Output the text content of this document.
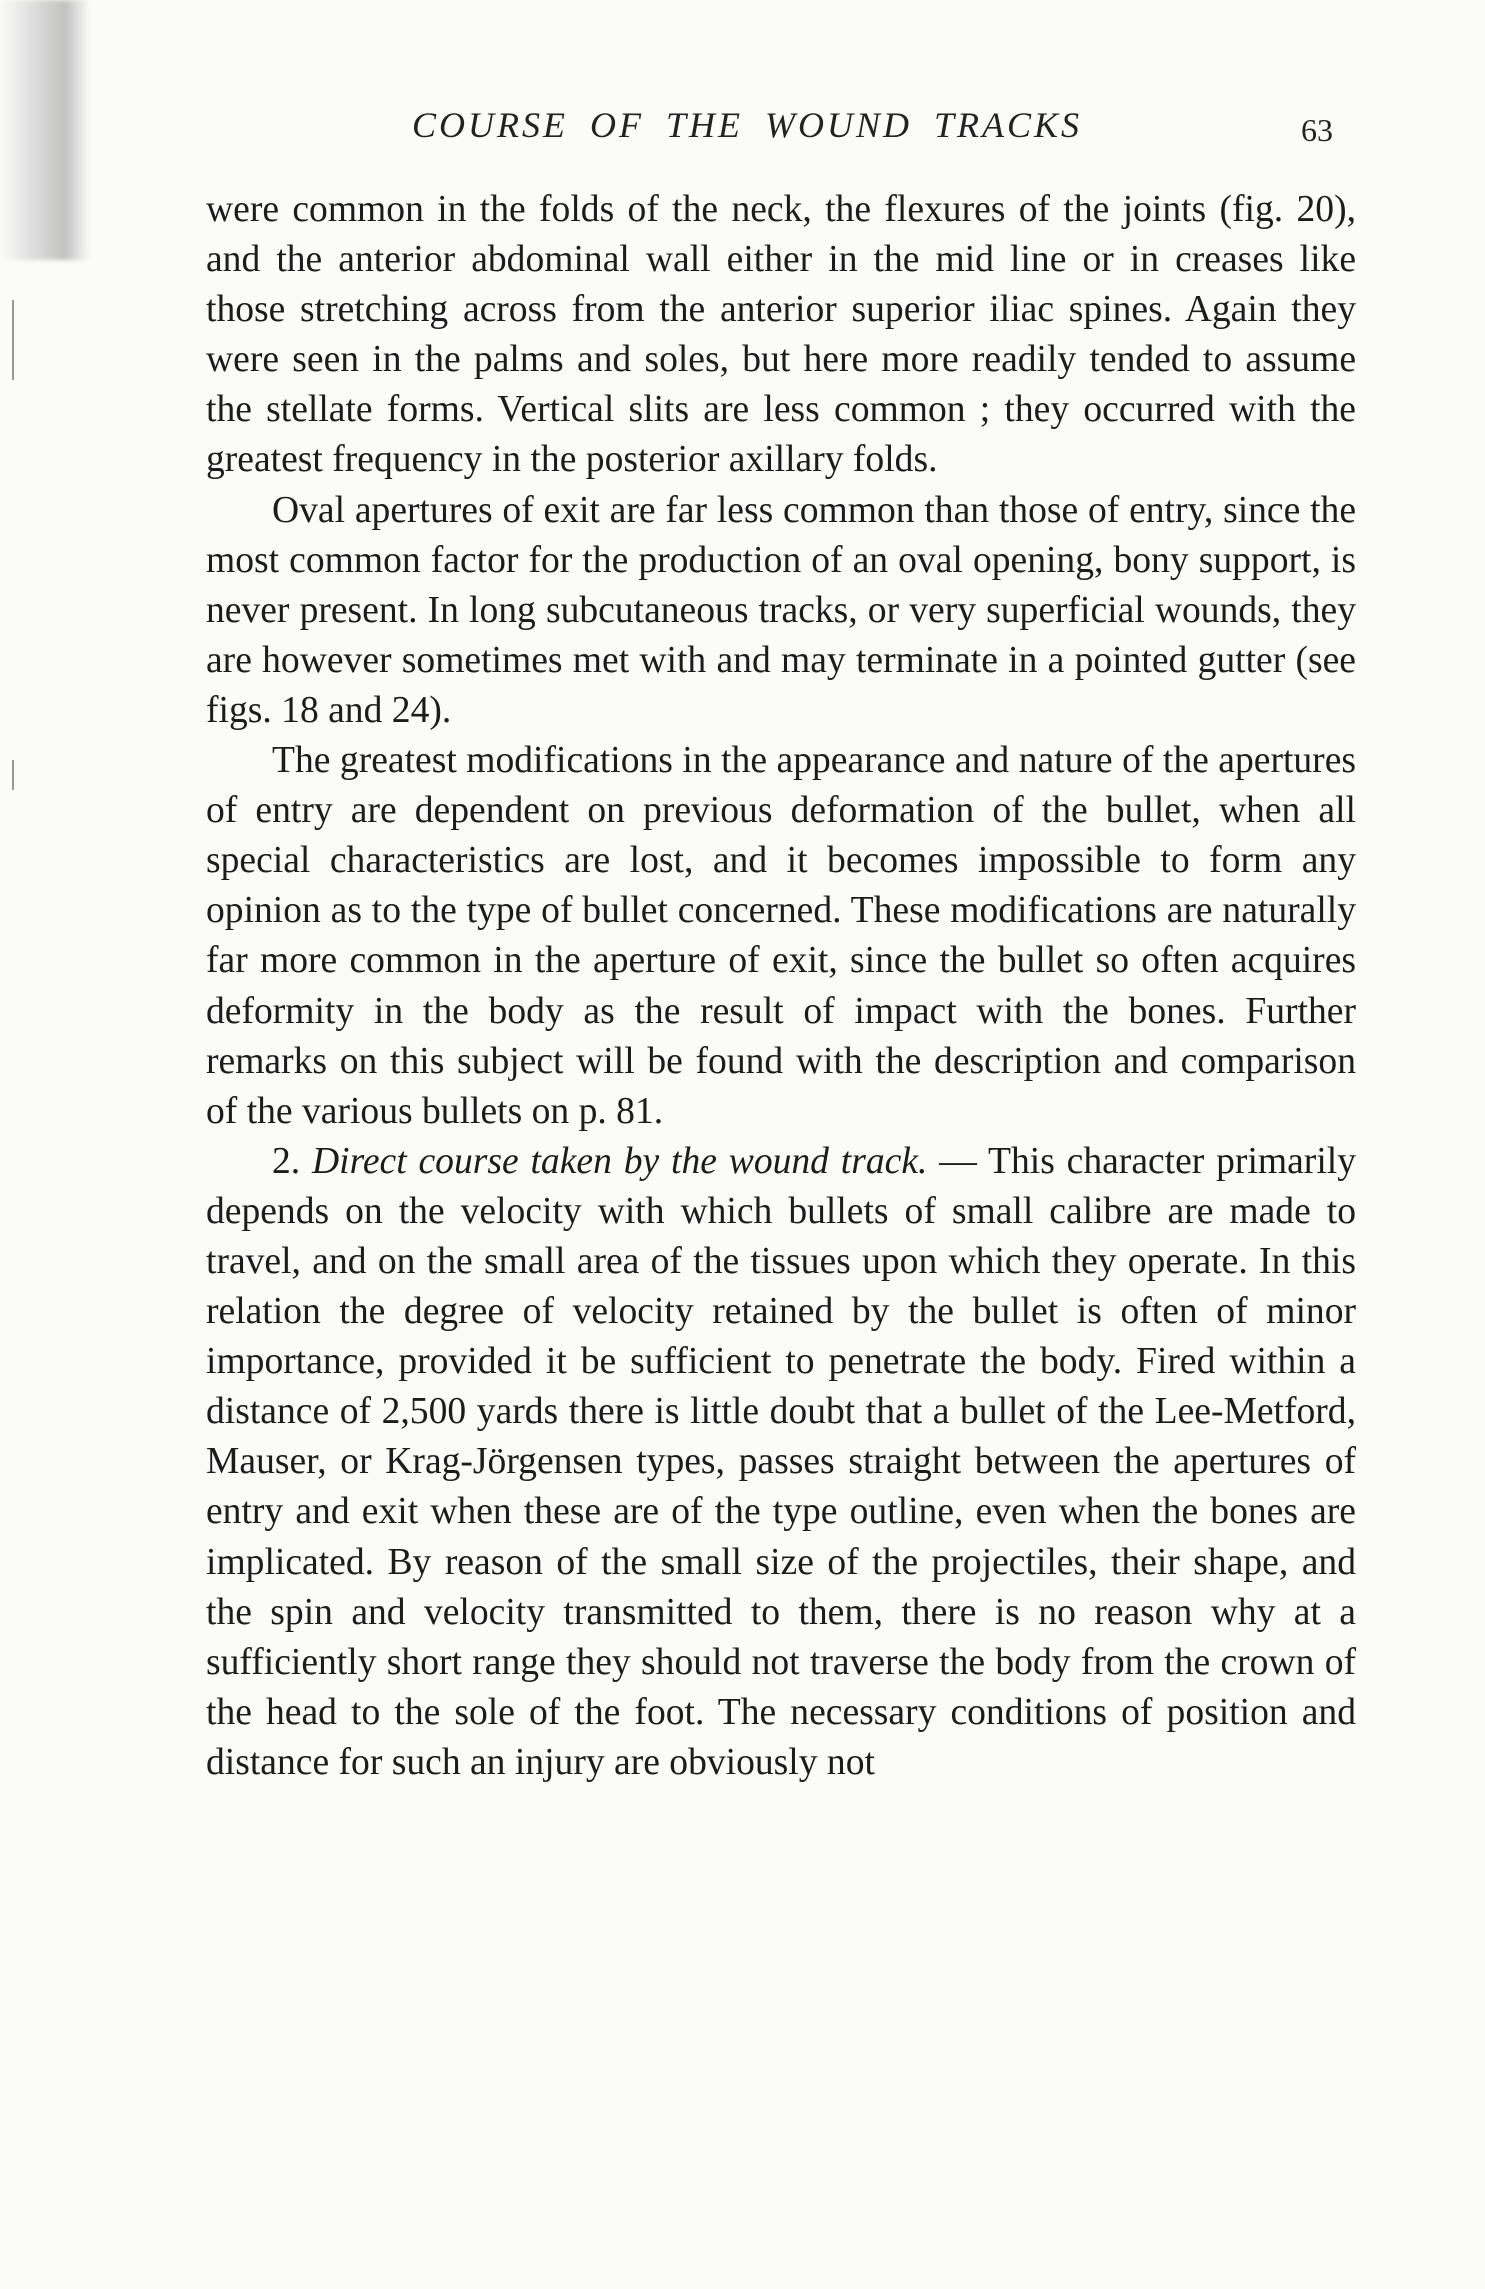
COURSE OF THE WOUND TRACKS	63

were common in the folds of the neck, the flexures of the joints (fig. 20), and the anterior abdominal wall either in the mid line or in creases like those stretching across from the anterior superior iliac spines. Again they were seen in the palms and soles, but here more readily tended to assume the stellate forms. Vertical slits are less common ; they occurred with the greatest frequency in the posterior axillary folds.

Oval apertures of exit are far less common than those of entry, since the most common factor for the production of an oval opening, bony support, is never present. In long subcutaneous tracks, or very superficial wounds, they are however sometimes met with and may terminate in a pointed gutter (see figs. 18 and 24).

The greatest modifications in the appearance and nature of the apertures of entry are dependent on previous deformation of the bullet, when all special characteristics are lost, and it becomes impossible to form any opinion as to the type of bullet concerned. These modifications are naturally far more common in the aperture of exit, since the bullet so often acquires deformity in the body as the result of impact with the bones. Further remarks on this subject will be found with the description and comparison of the various bullets on p. 81.

2. Direct course taken by the wound track. — This character primarily depends on the velocity with which bullets of small calibre are made to travel, and on the small area of the tissues upon which they operate. In this relation the degree of velocity retained by the bullet is often of minor importance, provided it be sufficient to penetrate the body. Fired within a distance of 2,500 yards there is little doubt that a bullet of the Lee-Metford, Mauser, or Krag-Jörgensen types, passes straight between the apertures of entry and exit when these are of the type outline, even when the bones are implicated. By reason of the small size of the projectiles, their shape, and the spin and velocity transmitted to them, there is no reason why at a sufficiently short range they should not traverse the body from the crown of the head to the sole of the foot. The necessary conditions of position and distance for such an injury are obviously not
